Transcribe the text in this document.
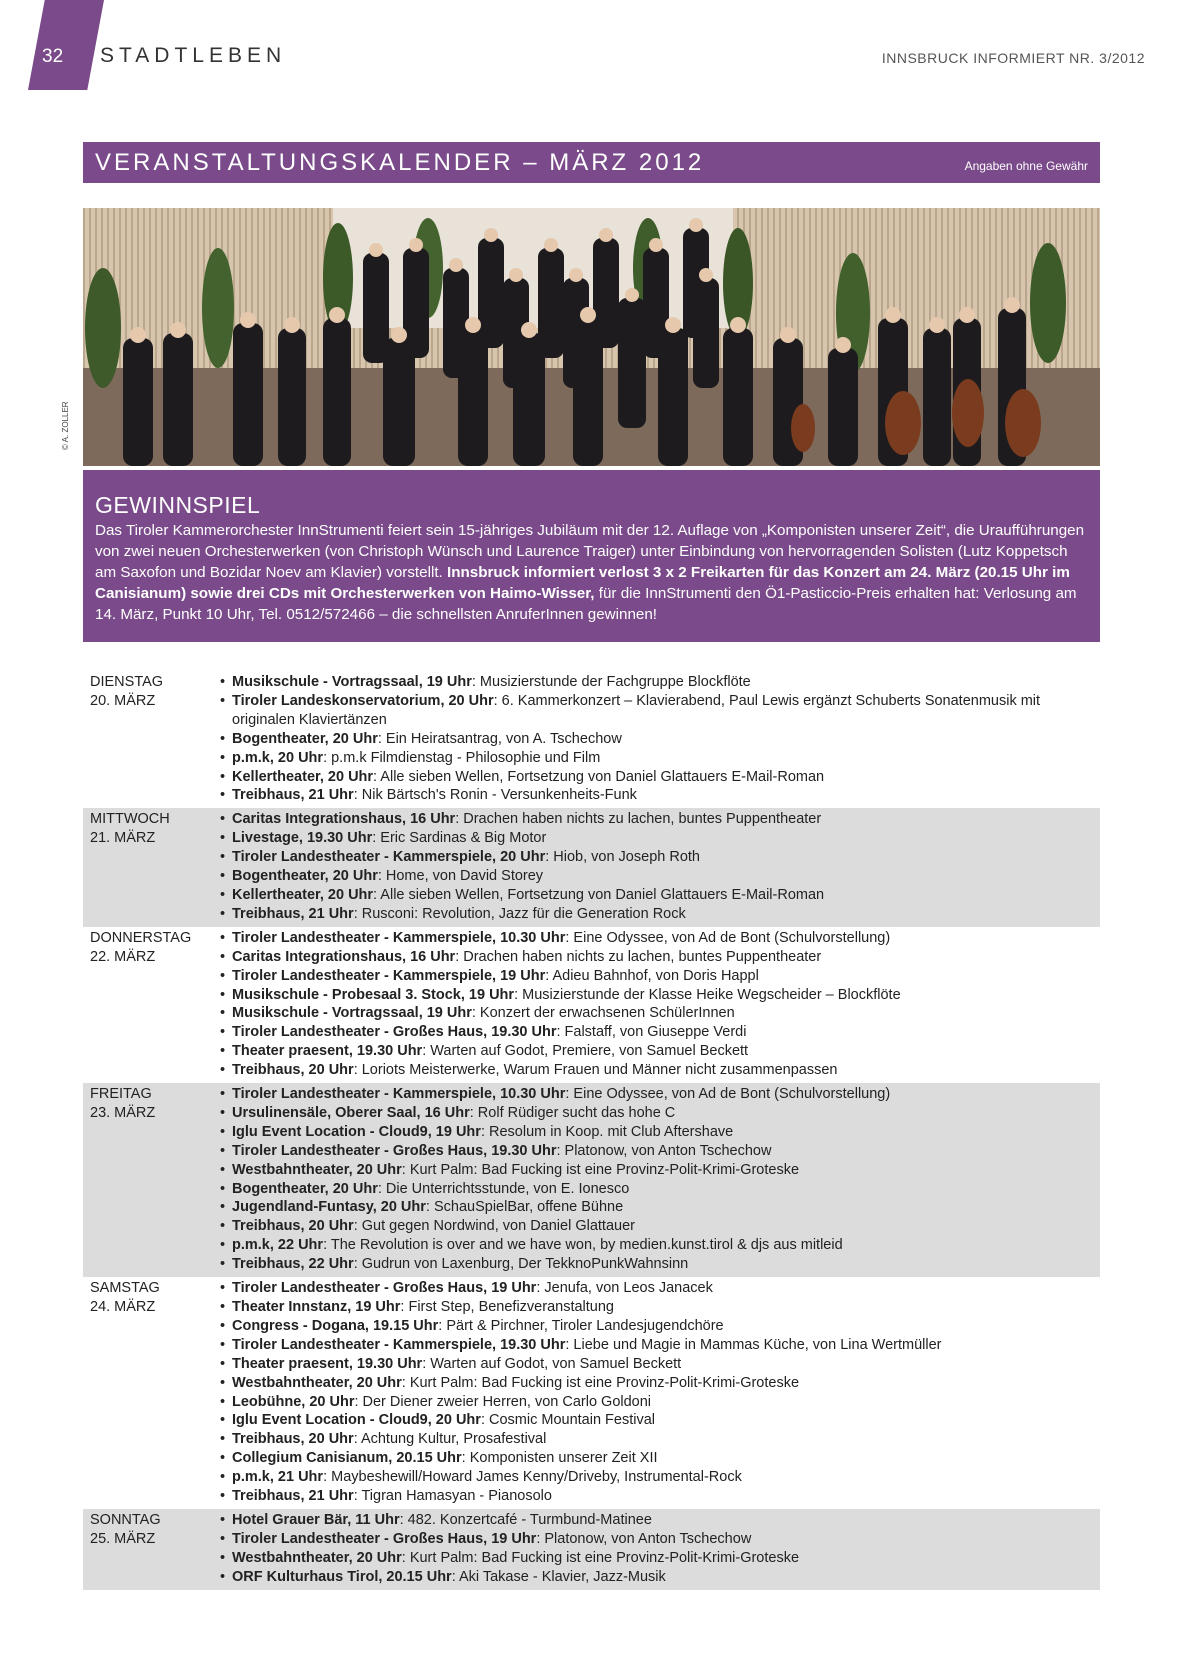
32 STADTLEBEN	INNSBRUCK INFORMIERT NR. 3/2012
VERANSTALTUNGSKALENDER – MÄRZ 2012	Angaben ohne Gewähr
© A. ZOLLER
GEWINNSPIEL

Das Tiroler Kammerorchester InnStrumenti feiert sein 15-jähriges Jubiläum mit der 12. Auflage von „Komponisten unserer Zeit“, die Uraufführungen von zwei neuen Orchesterwerken (von Christoph Wünsch und Laurence Traiger) unter Einbindung von hervorragenden Solisten (Lutz Koppetsch am Saxofon und Bozidar Noev am Klavier) vorstellt. Innsbruck informiert verlost 3 x 2 Freikarten für das Konzert am 24. März (20.15 Uhr im Canisianum) sowie drei CDs mit Orchesterwerken von Haimo-Wisser, für die InnStrumenti den Ö1-Pasticcio-Preis erhalten hat: Verlosung am 14. März, Punkt 10 Uhr, Tel. 0512/572466 – die schnellsten AnruferInnen gewinnen!

DIENSTAG
20. MÄRZ
• Musikschule - Vortragssaal, 19 Uhr: Musizierstunde der Fachgruppe Blockflöte
• Tiroler Landeskonservatorium, 20 Uhr: 6. Kammerkonzert – Klavierabend, Paul Lewis ergänzt Schuberts Sonatenmusik mit originalen Klaviertänzen
• Bogentheater, 20 Uhr: Ein Heiratsantrag, von A. Tschechow
• p.m.k, 20 Uhr: p.m.k Filmdienstag - Philosophie und Film
• Kellertheater, 20 Uhr: Alle sieben Wellen, Fortsetzung von Daniel Glattauers E-Mail-Roman
• Treibhaus, 21 Uhr: Nik Bärtsch's Ronin - Versunkenheits-Funk
MITTWOCH
21. MÄRZ
• Caritas Integrationshaus, 16 Uhr: Drachen haben nichts zu lachen, buntes Puppentheater
• Livestage, 19.30 Uhr: Eric Sardinas & Big Motor
• Tiroler Landestheater - Kammerspiele, 20 Uhr: Hiob, von Joseph Roth
• Bogentheater, 20 Uhr: Home, von David Storey
• Kellertheater, 20 Uhr: Alle sieben Wellen, Fortsetzung von Daniel Glattauers E-Mail-Roman
• Treibhaus, 21 Uhr: Rusconi: Revolution, Jazz für die Generation Rock
DONNERSTAG
22. MÄRZ
• Tiroler Landestheater - Kammerspiele, 10.30 Uhr: Eine Odyssee, von Ad de Bont (Schulvorstellung)
• Caritas Integrationshaus, 16 Uhr: Drachen haben nichts zu lachen, buntes Puppentheater
• Tiroler Landestheater - Kammerspiele, 19 Uhr: Adieu Bahnhof, von Doris Happl
• Musikschule - Probesaal 3. Stock, 19 Uhr: Musizierstunde der Klasse Heike Wegscheider – Blockflöte
• Musikschule - Vortragssaal, 19 Uhr: Konzert der erwachsenen SchülerInnen
• Tiroler Landestheater - Großes Haus, 19.30 Uhr: Falstaff, von Giuseppe Verdi
• Theater praesent, 19.30 Uhr: Warten auf Godot, Premiere, von Samuel Beckett
• Treibhaus, 20 Uhr: Loriots Meisterwerke, Warum Frauen und Männer nicht zusammenpassen
FREITAG
23. MÄRZ
• Tiroler Landestheater - Kammerspiele, 10.30 Uhr: Eine Odyssee, von Ad de Bont (Schulvorstellung)
• Ursulinensäle, Oberer Saal, 16 Uhr: Rolf Rüdiger sucht das hohe C
• Iglu Event Location - Cloud9, 19 Uhr: Resolum in Koop. mit Club Aftershave
• Tiroler Landestheater - Großes Haus, 19.30 Uhr: Platonow, von Anton Tschechow
• Westbahntheater, 20 Uhr: Kurt Palm: Bad Fucking ist eine Provinz-Polit-Krimi-Groteske
• Bogentheater, 20 Uhr: Die Unterrichtsstunde, von E. Ionesco
• Jugendland-Funtasy, 20 Uhr: SchauSpielBar, offene Bühne
• Treibhaus, 20 Uhr: Gut gegen Nordwind, von Daniel Glattauer
• p.m.k, 22 Uhr: The Revolution is over and we have won, by medien.kunst.tirol & djs aus mitleid
• Treibhaus, 22 Uhr: Gudrun von Laxenburg, Der TekknoPunkWahnsinn
SAMSTAG
24. MÄRZ
• Tiroler Landestheater - Großes Haus, 19 Uhr: Jenufa, von Leos Janacek
• Theater Innstanz, 19 Uhr: First Step, Benefizveranstaltung
• Congress - Dogana, 19.15 Uhr: Pärt & Pirchner, Tiroler Landesjugendchöre
• Tiroler Landestheater - Kammerspiele, 19.30 Uhr: Liebe und Magie in Mammas Küche, von Lina Wertmüller
• Theater praesent, 19.30 Uhr: Warten auf Godot, von Samuel Beckett
• Westbahntheater, 20 Uhr: Kurt Palm: Bad Fucking ist eine Provinz-Polit-Krimi-Groteske
• Leobühne, 20 Uhr: Der Diener zweier Herren, von Carlo Goldoni
• Iglu Event Location - Cloud9, 20 Uhr: Cosmic Mountain Festival
• Treibhaus, 20 Uhr: Achtung Kultur, Prosafestival
• Collegium Canisianum, 20.15 Uhr: Komponisten unserer Zeit XII
• p.m.k, 21 Uhr: Maybeshewill/Howard James Kenny/Driveby, Instrumental-Rock
• Treibhaus, 21 Uhr: Tigran Hamasyan - Pianosolo
SONNTAG
25. MÄRZ
• Hotel Grauer Bär, 11 Uhr: 482. Konzertcafé - Turmbund-Matinee
• Tiroler Landestheater - Großes Haus, 19 Uhr: Platonow, von Anton Tschechow
• Westbahntheater, 20 Uhr: Kurt Palm: Bad Fucking ist eine Provinz-Polit-Krimi-Groteske
• ORF Kulturhaus Tirol, 20.15 Uhr: Aki Takase - Klavier, Jazz-Musik
